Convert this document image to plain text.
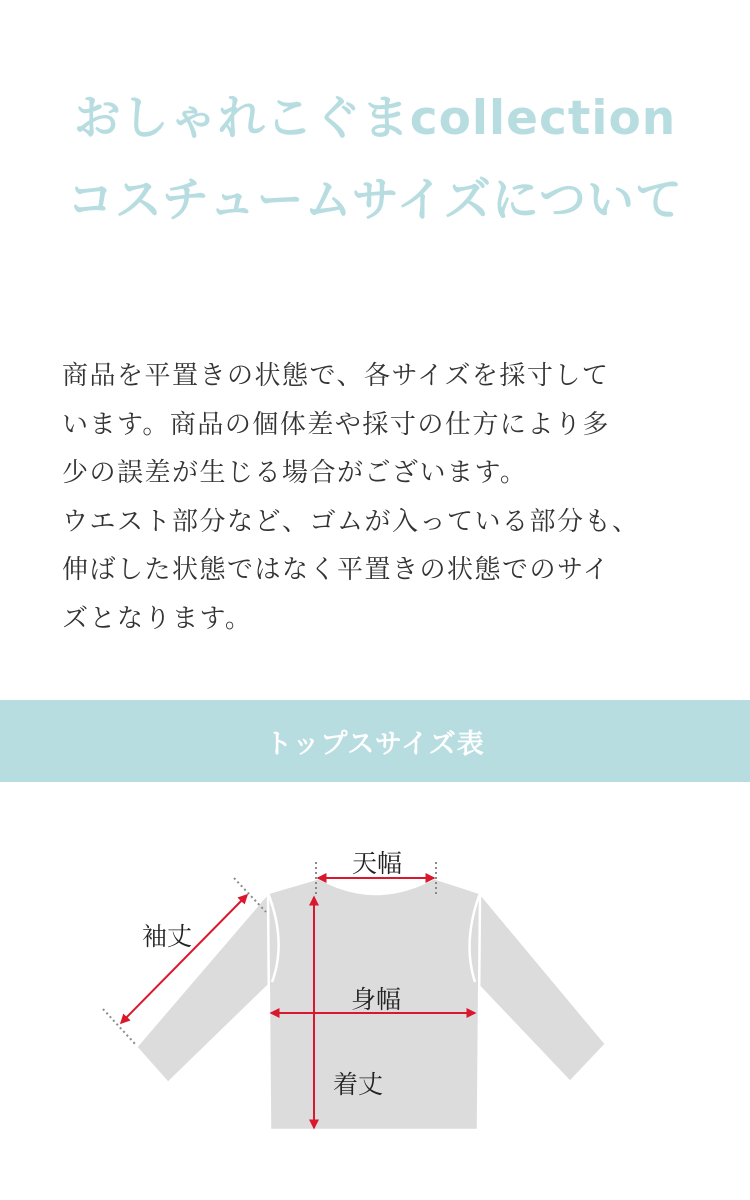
おしゃれこぐまcollection
コスチュームサイズについて
商品を平置きの状態で、各サイズを採寸して
います。商品の個体差や採寸の仕方により多
少の誤差が生じる場合がございます。
ウエスト部分など、ゴムが入っている部分も、
伸ばした状態ではなく平置きの状態でのサイ
ズとなります。
トップスサイズ表
天幅
袖丈
身幅
着丈
